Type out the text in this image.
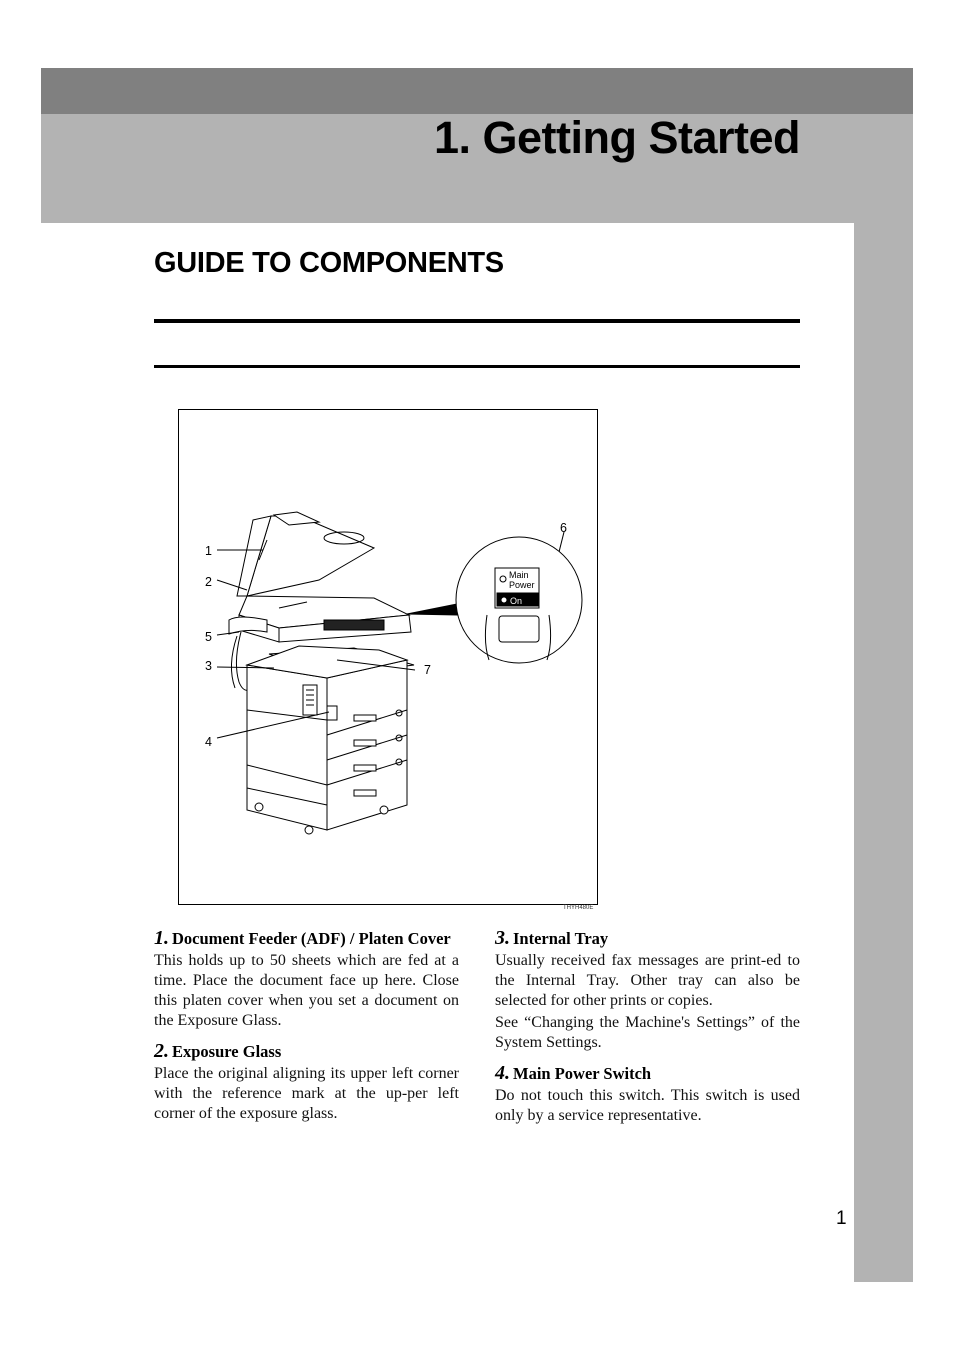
1. Getting Started
GUIDE TO COMPONENTS
1
2
3
4
5
6
7
Main
Power
On
THYH480E

1. Document Feeder (ADF) / Platen Cover

This holds up to 50 sheets which are fed at a time. Place the document face up here. Close this platen cover when you set a document on the Exposure Glass.

2. Exposure Glass

Place the original aligning its upper left corner with the reference mark at the up-per left corner of the exposure glass.

3. Internal Tray

Usually received fax messages are print-ed to the Internal Tray. Other tray can also be selected for other prints or copies.

See “Changing the Machine's Settings” of the System Settings.

4. Main Power Switch

Do not touch this switch. This switch is used only by a service representative.

1
